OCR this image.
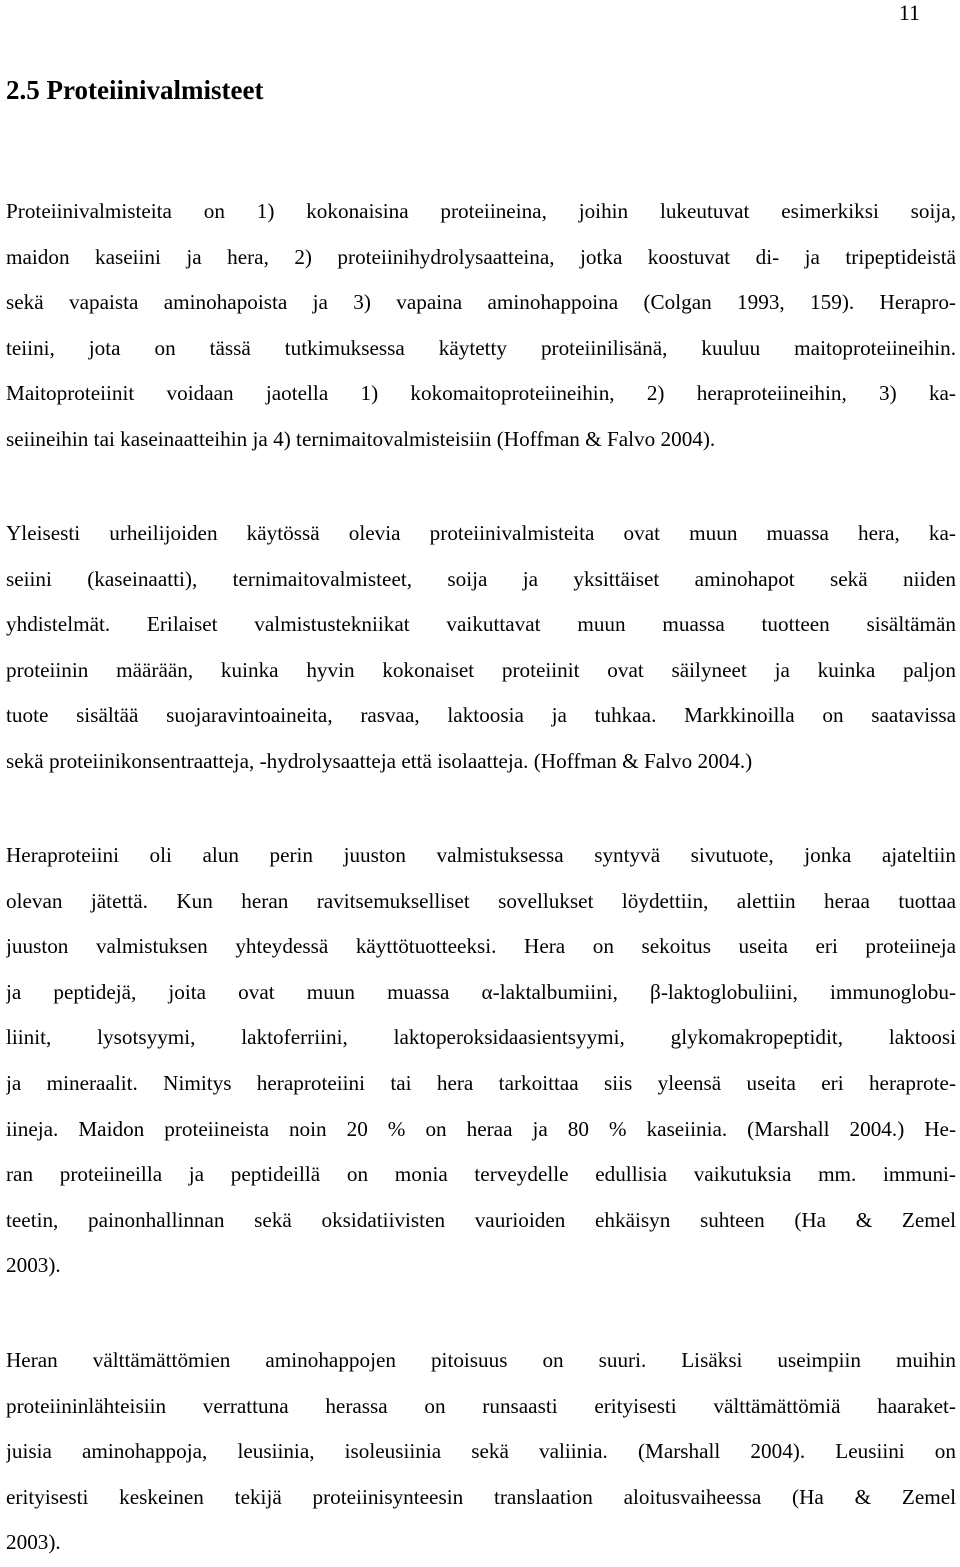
11
2.5 Proteiinivalmisteet

Proteiinivalmisteita on 1) kokonaisina proteiineina, joihin lukeutuvat esimerkiksi soija,
maidon kaseiini ja hera, 2) proteiinihydrolysaatteina, jotka koostuvat di- ja tripeptideistä
sekä vapaista aminohapoista ja 3) vapaina aminohappoina (Colgan 1993, 159). Herapro-
teiini, jota on tässä tutkimuksessa käytetty proteiinilisänä, kuuluu maitoproteiineihin.
Maitoproteiinit voidaan jaotella 1) kokomaitoproteiineihin, 2) heraproteiineihin, 3) ka-
seiineihin tai kaseinaatteihin ja 4) ternimaitovalmisteisiin (Hoffman & Falvo 2004).

Yleisesti urheilijoiden käytössä olevia proteiinivalmisteita ovat muun muassa hera, ka-
seiini (kaseinaatti), ternimaitovalmisteet, soija ja yksittäiset aminohapot sekä niiden
yhdistelmät. Erilaiset valmistustekniikat vaikuttavat muun muassa tuotteen sisältämän
proteiinin määrään, kuinka hyvin kokonaiset proteiinit ovat säilyneet ja kuinka paljon
tuote sisältää suojaravintoaineita, rasvaa, laktoosia ja tuhkaa. Markkinoilla on saatavissa
sekä proteiinikonsentraatteja, -hydrolysaatteja että isolaatteja. (Hoffman & Falvo 2004.)

Heraproteiini oli alun perin juuston valmistuksessa syntyvä sivutuote, jonka ajateltiin
olevan jätettä. Kun heran ravitsemukselliset sovellukset löydettiin, alettiin heraa tuottaa
juuston valmistuksen yhteydessä käyttötuotteeksi. Hera on sekoitus useita eri proteiineja
ja peptidejä, joita ovat muun muassa α-laktalbumiini, β-laktoglobuliini, immunoglobu-
liinit, lysotsyymi, laktoferriini, laktoperoksidaasientsyymi, glykomakropeptidit, laktoosi
ja mineraalit. Nimitys heraproteiini tai hera tarkoittaa siis yleensä useita eri heraprote-
iineja. Maidon proteiineista noin 20 % on heraa ja 80 % kaseiinia. (Marshall 2004.) He-
ran proteiineilla ja peptideillä on monia terveydelle edullisia vaikutuksia mm. immuni-
teetin, painonhallinnan sekä oksidatiivisten vaurioiden ehkäisyn suhteen (Ha & Zemel
2003).

Heran välttämättömien aminohappojen pitoisuus on suuri. Lisäksi useimpiin muihin
proteiininlähteisiin verrattuna herassa on runsaasti erityisesti välttämättömiä haaraket-
juisia aminohappoja, leusiinia, isoleusiinia sekä valiinia. (Marshall 2004). Leusiini on
erityisesti keskeinen tekijä proteiinisynteesin translaation aloitusvaiheessa (Ha & Zemel
2003).
